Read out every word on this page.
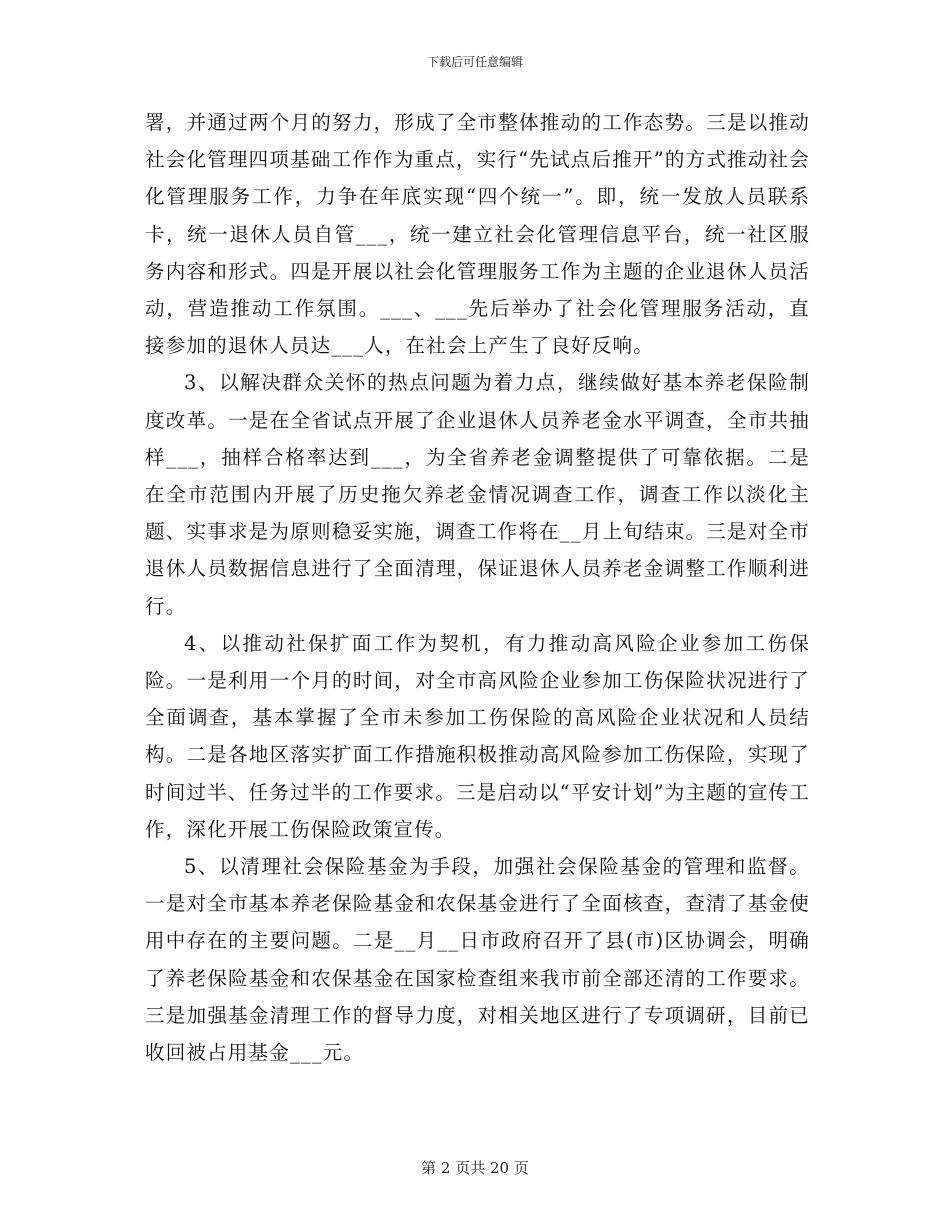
下载后可任意编辑

署，并通过两个月的努力，形成了全市整体推动的工作态势。三是以推动社会化管理四项基础工作作为重点，实行“先试点后推开”的方式推动社会化管理服务工作，力争在年底实现“四个统一”。即，统一发放人员联系卡，统一退休人员自管___，统一建立社会化管理信息平台，统一社区服务内容和形式。四是开展以社会化管理服务工作为主题的企业退休人员活动，营造推动工作氛围。___、___先后举办了社会化管理服务活动，直接参加的退休人员达___人，在社会上产生了良好反响。

3、以解决群众关怀的热点问题为着力点，继续做好基本养老保险制度改革。一是在全省试点开展了企业退休人员养老金水平调查，全市共抽样___，抽样合格率达到___，为全省养老金调整提供了可靠依据。二是在全市范围内开展了历史拖欠养老金情况调查工作，调查工作以淡化主题、实事求是为原则稳妥实施，调查工作将在__月上旬结束。三是对全市退休人员数据信息进行了全面清理，保证退休人员养老金调整工作顺利进行。

4、以推动社保扩面工作为契机，有力推动高风险企业参加工伤保险。一是利用一个月的时间，对全市高风险企业参加工伤保险状况进行了全面调查，基本掌握了全市未参加工伤保险的高风险企业状况和人员结构。二是各地区落实扩面工作措施积极推动高风险参加工伤保险，实现了时间过半、任务过半的工作要求。三是启动以“平安计划”为主题的宣传工作，深化开展工伤保险政策宣传。

5、以清理社会保险基金为手段，加强社会保险基金的管理和监督。一是对全市基本养老保险基金和农保基金进行了全面核查，查清了基金使用中存在的主要问题。二是__月__日市政府召开了县(市)区协调会，明确了养老保险基金和农保基金在国家检查组来我市前全部还清的工作要求。三是加强基金清理工作的督导力度，对相关地区进行了专项调研，目前已收回被占用基金___元。

第 2 页共 20 页
